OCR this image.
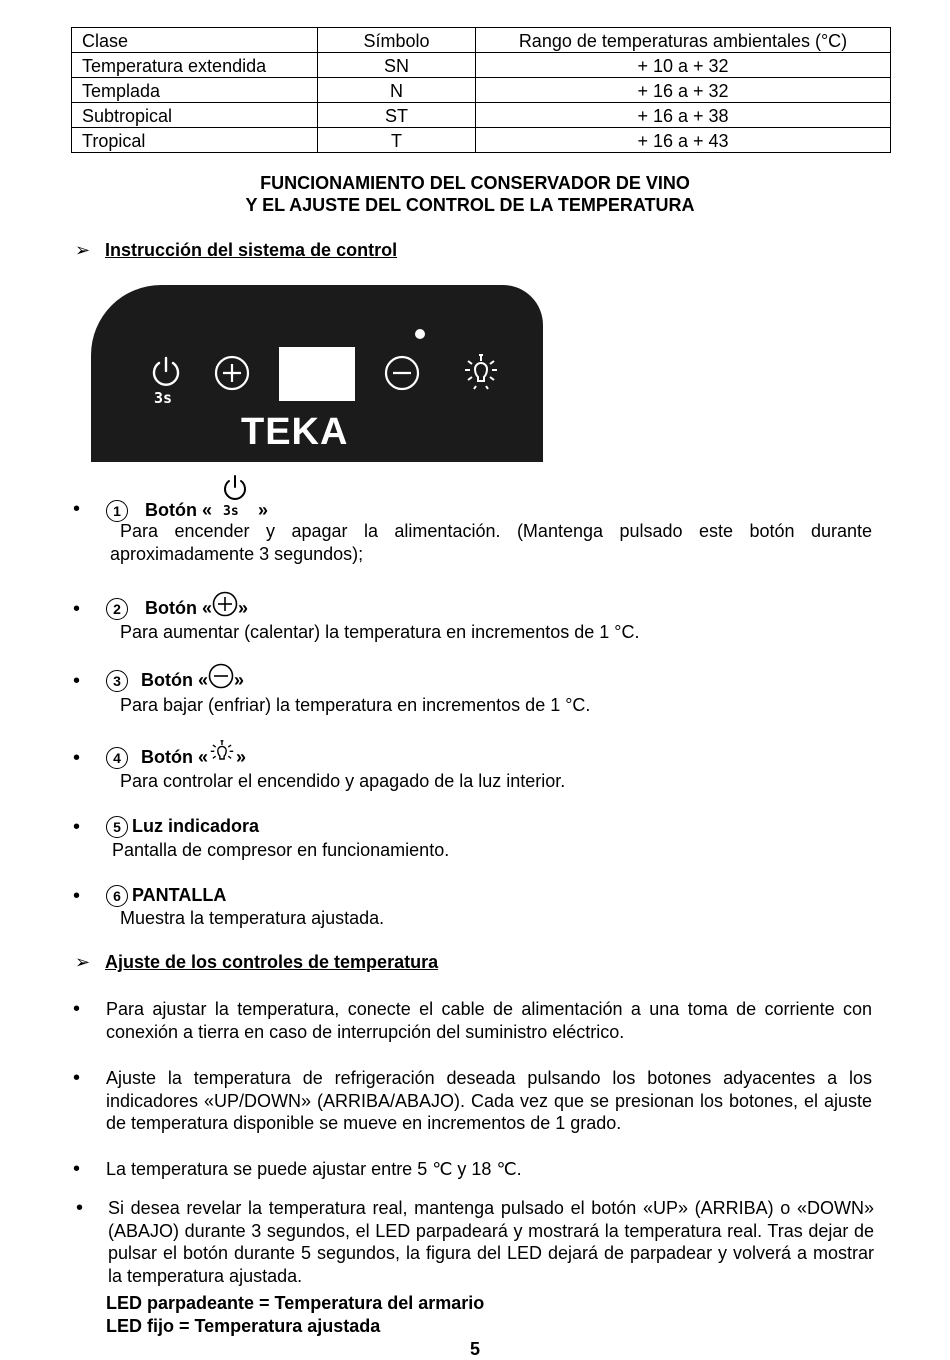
Clase	Símbolo	Rango de temperaturas ambientales (°C)
Temperatura extendida	SN	+ 10 a + 32
Templada	N	+ 16 a + 32
Subtropical	ST	+ 16 a + 38
Tropical	T	+ 16 a + 43
FUNCIONAMIENTO DEL CONSERVADOR DE VINO
Y EL AJUSTE DEL CONTROL DE LA TEMPERATURA
➢ Instrucción del sistema de control
3s
TEKA
•	1 Botón « 3s »
Para encender y apagar la alimentación. (Mantenga pulsado este botón durante aproximadamente 3 segundos);
•	2 Botón « »
Para aumentar (calentar) la temperatura en incrementos de 1 °C.
•	3 Botón « »
Para bajar (enfriar) la temperatura en incrementos de 1 °C.
•	4 Botón « »
Para controlar el encendido y apagado de la luz interior.
•	5 Luz indicadora
Pantalla de compresor en funcionamiento.
•	6 PANTALLA
Muestra la temperatura ajustada.
➢ Ajuste de los controles de temperatura
• Para ajustar la temperatura, conecte el cable de alimentación a una toma de corriente con conexión a tierra en caso de interrupción del suministro eléctrico.
• Ajuste la temperatura de refrigeración deseada pulsando los botones adyacentes a los indicadores «UP/DOWN» (ARRIBA/ABAJO). Cada vez que se presionan los botones, el ajuste de temperatura disponible se mueve en incrementos de 1 grado.
• La temperatura se puede ajustar entre 5 ℃ y 18 ℃.
• Si desea revelar la temperatura real, mantenga pulsado el botón «UP» (ARRIBA) o «DOWN» (ABAJO) durante 3 segundos, el LED parpadeará y mostrará la temperatura real. Tras dejar de pulsar el botón durante 5 segundos, la figura del LED dejará de parpadear y volverá a mostrar la temperatura ajustada.
LED parpadeante = Temperatura del armario
LED fijo = Temperatura ajustada
5
